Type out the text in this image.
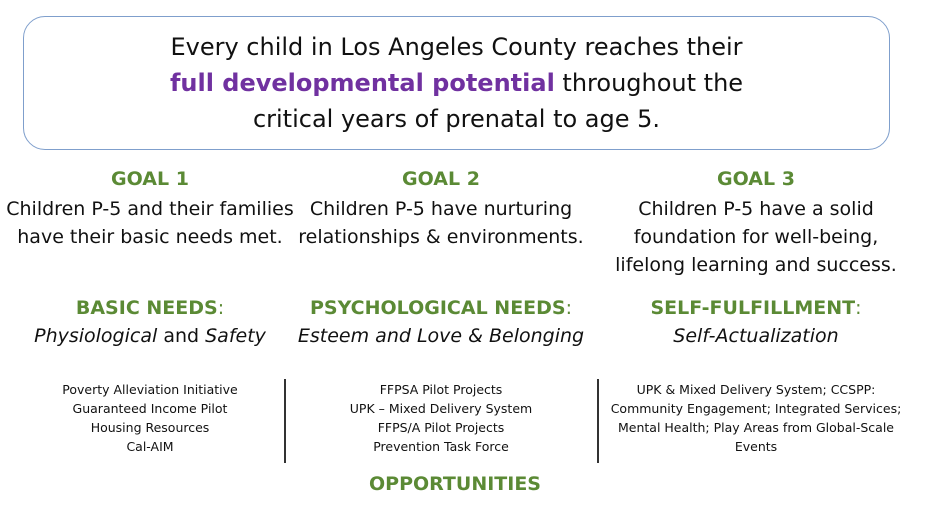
Every child in Los Angeles County reaches their
full developmental potential throughout the
critical years of prenatal to age 5.
GOAL 1
Children P-5 and their families have their basic needs met.
GOAL 2
Children P-5 have nurturing relationships & environments.
GOAL 3
Children P-5 have a solid foundation for well-being, lifelong learning and success.
BASIC NEEDS:
Physiological and Safety
PSYCHOLOGICAL NEEDS:
Esteem and Love & Belonging
SELF-FULFILLMENT:
Self-Actualization
Poverty Alleviation Initiative
Guaranteed Income Pilot
Housing Resources
Cal-AIM
FFPSA Pilot Projects
UPK – Mixed Delivery System
FFPS/A Pilot Projects
Prevention Task Force
UPK & Mixed Delivery System; CCSPP:
Community Engagement; Integrated Services;
Mental Health; Play Areas from Global-Scale
Events
OPPORTUNITIES
